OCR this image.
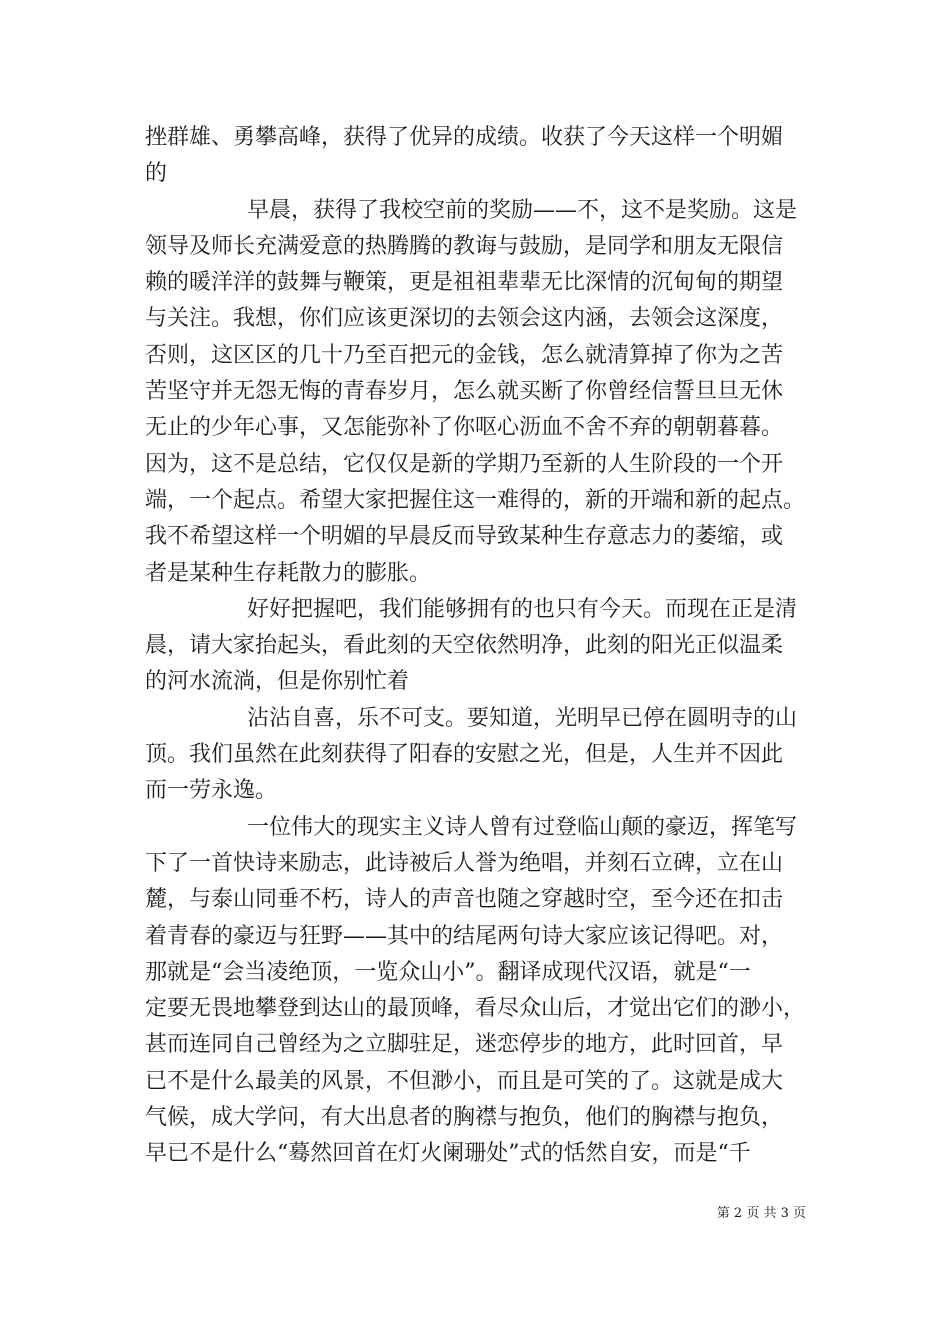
挫群雄、勇攀高峰，获得了优异的成绩。收获了今天这样一个明媚
的
早晨，获得了我校空前的奖励——不，这不是奖励。这是
领导及师长充满爱意的热腾腾的教诲与鼓励，是同学和朋友无限信
赖的暖洋洋的鼓舞与鞭策，更是祖祖辈辈无比深情的沉甸甸的期望
与关注。我想，你们应该更深切的去领会这内涵，去领会这深度，
否则，这区区的几十乃至百把元的金钱，怎么就清算掉了你为之苦
苦坚守并无怨无悔的青春岁月，怎么就买断了你曾经信誓旦旦无休
无止的少年心事，又怎能弥补了你呕心沥血不舍不弃的朝朝暮暮。
因为，这不是总结，它仅仅是新的学期乃至新的人生阶段的一个开
端，一个起点。希望大家把握住这一难得的，新的开端和新的起点。
我不希望这样一个明媚的早晨反而导致某种生存意志力的萎缩，或
者是某种生存耗散力的膨胀。
好好把握吧，我们能够拥有的也只有今天。而现在正是清
晨，请大家抬起头，看此刻的天空依然明净，此刻的阳光正似温柔
的河水流淌，但是你别忙着
沾沾自喜，乐不可支。要知道，光明早已停在圆明寺的山
顶。我们虽然在此刻获得了阳春的安慰之光，但是，人生并不因此
而一劳永逸。
一位伟大的现实主义诗人曾有过登临山颠的豪迈，挥笔写
下了一首快诗来励志，此诗被后人誉为绝唱，并刻石立碑，立在山
麓，与泰山同垂不朽，诗人的声音也随之穿越时空，至今还在扣击
着青春的豪迈与狂野——其中的结尾两句诗大家应该记得吧。对，
那就是“会当凌绝顶，一览众山小”。翻译成现代汉语，就是“一
定要无畏地攀登到达山的最顶峰，看尽众山后，才觉出它们的渺小，
甚而连同自己曾经为之立脚驻足，迷恋停步的地方，此时回首，早
已不是什么最美的风景，不但渺小，而且是可笑的了。这就是成大
气候，成大学问，有大出息者的胸襟与抱负，他们的胸襟与抱负，
早已不是什么“蓦然回首在灯火阑珊处”式的恬然自安，而是“千
第 2 页 共 3 页
